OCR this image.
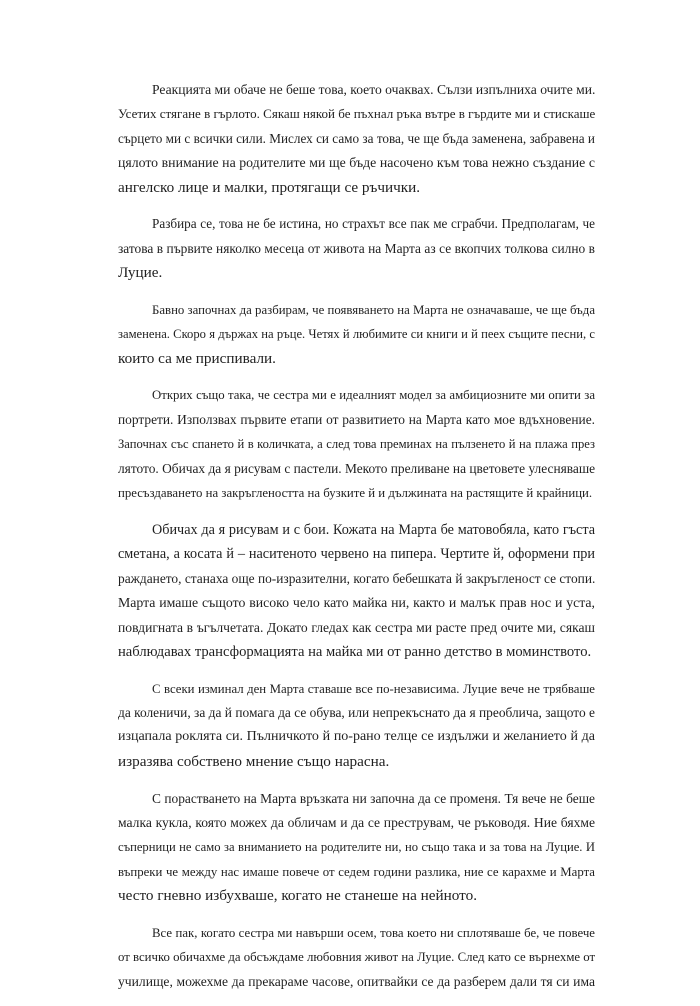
Реакцията ми обаче не беше това, което очаквах. Сълзи изпълниха очите ми.
Усетих стягане в гърлото. Сякаш някой бе пъхнал ръка вътре в гърдите ми и стискаше
сърцето ми с всички сили. Мислех си само за това, че ще бъда заменена, забравена и
цялото внимание на родителите ми ще бъде насочено към това нежно създание с
ангелско лице и малки, протягащи се ръчички.
Разбира се, това не бе истина, но страхът все пак ме сграбчи. Предполагам, че
затова в първите няколко месеца от живота на Марта аз се вкопчих толкова силно в
Луцие.
Бавно започнах да разбирам, че появяването на Марта не означаваше, че ще бъда
заменена. Скоро я държах на ръце. Четях й любимите си книги и й пеех същите песни, с
които са ме приспивали.
Открих също така, че сестра ми е идеалният модел за амбициозните ми опити за
портрети. Използвах първите етапи от развитието на Марта като мое вдъхновение.
Започнах със спането й в количката, а след това преминах на пълзенето й на плажа през
лятото. Обичах да я рисувам с пастели. Мекото преливане на цветовете улесняваше
пресъздаването на закръглеността на бузките й и дължината на растящите й крайници.
Обичах да я рисувам и с бои. Кожата на Марта бе матовобяла, като гъста
сметана, а косата й – наситеното червено на пипера. Чертите й, оформени при
раждането, станаха още по-изразителни, когато бебешката й закръгленост се стопи.
Марта имаше същото високо чело като майка ни, както и малък прав нос и уста,
повдигната в ъгълчетата. Докато гледах как сестра ми расте пред очите ми, сякаш
наблюдавах трансформацията на майка ми от ранно детство в моминството.
С всеки изминал ден Марта ставаше все по-независима. Луцие вече не трябваше
да коленичи, за да й помага да се обува, или непрекъснато да я преоблича, защото е
изцапала роклята си. Пълничкото й по-рано телце се издължи и желанието й да
изразява собствено мнение също нарасна.
С порастването на Марта връзката ни започна да се променя. Тя вече не беше
малка кукла, която можех да обличам и да се преструвам, че ръководя. Ние бяхме
съперници не само за вниманието на родителите ни, но също така и за това на Луцие. И
въпреки че между нас имаше повече от седем години разлика, ние се карахме и Марта
често гневно избухваше, когато не станеше на нейното.
Все пак, когато сестра ми навърши осем, това което ни сплотяваше бе, че повече
от всичко обичахме да обсъждаме любовния живот на Луцие. След като се върнехме от
училище, можехме да прекараме часове, опитвайки се да разберем дали тя си има
